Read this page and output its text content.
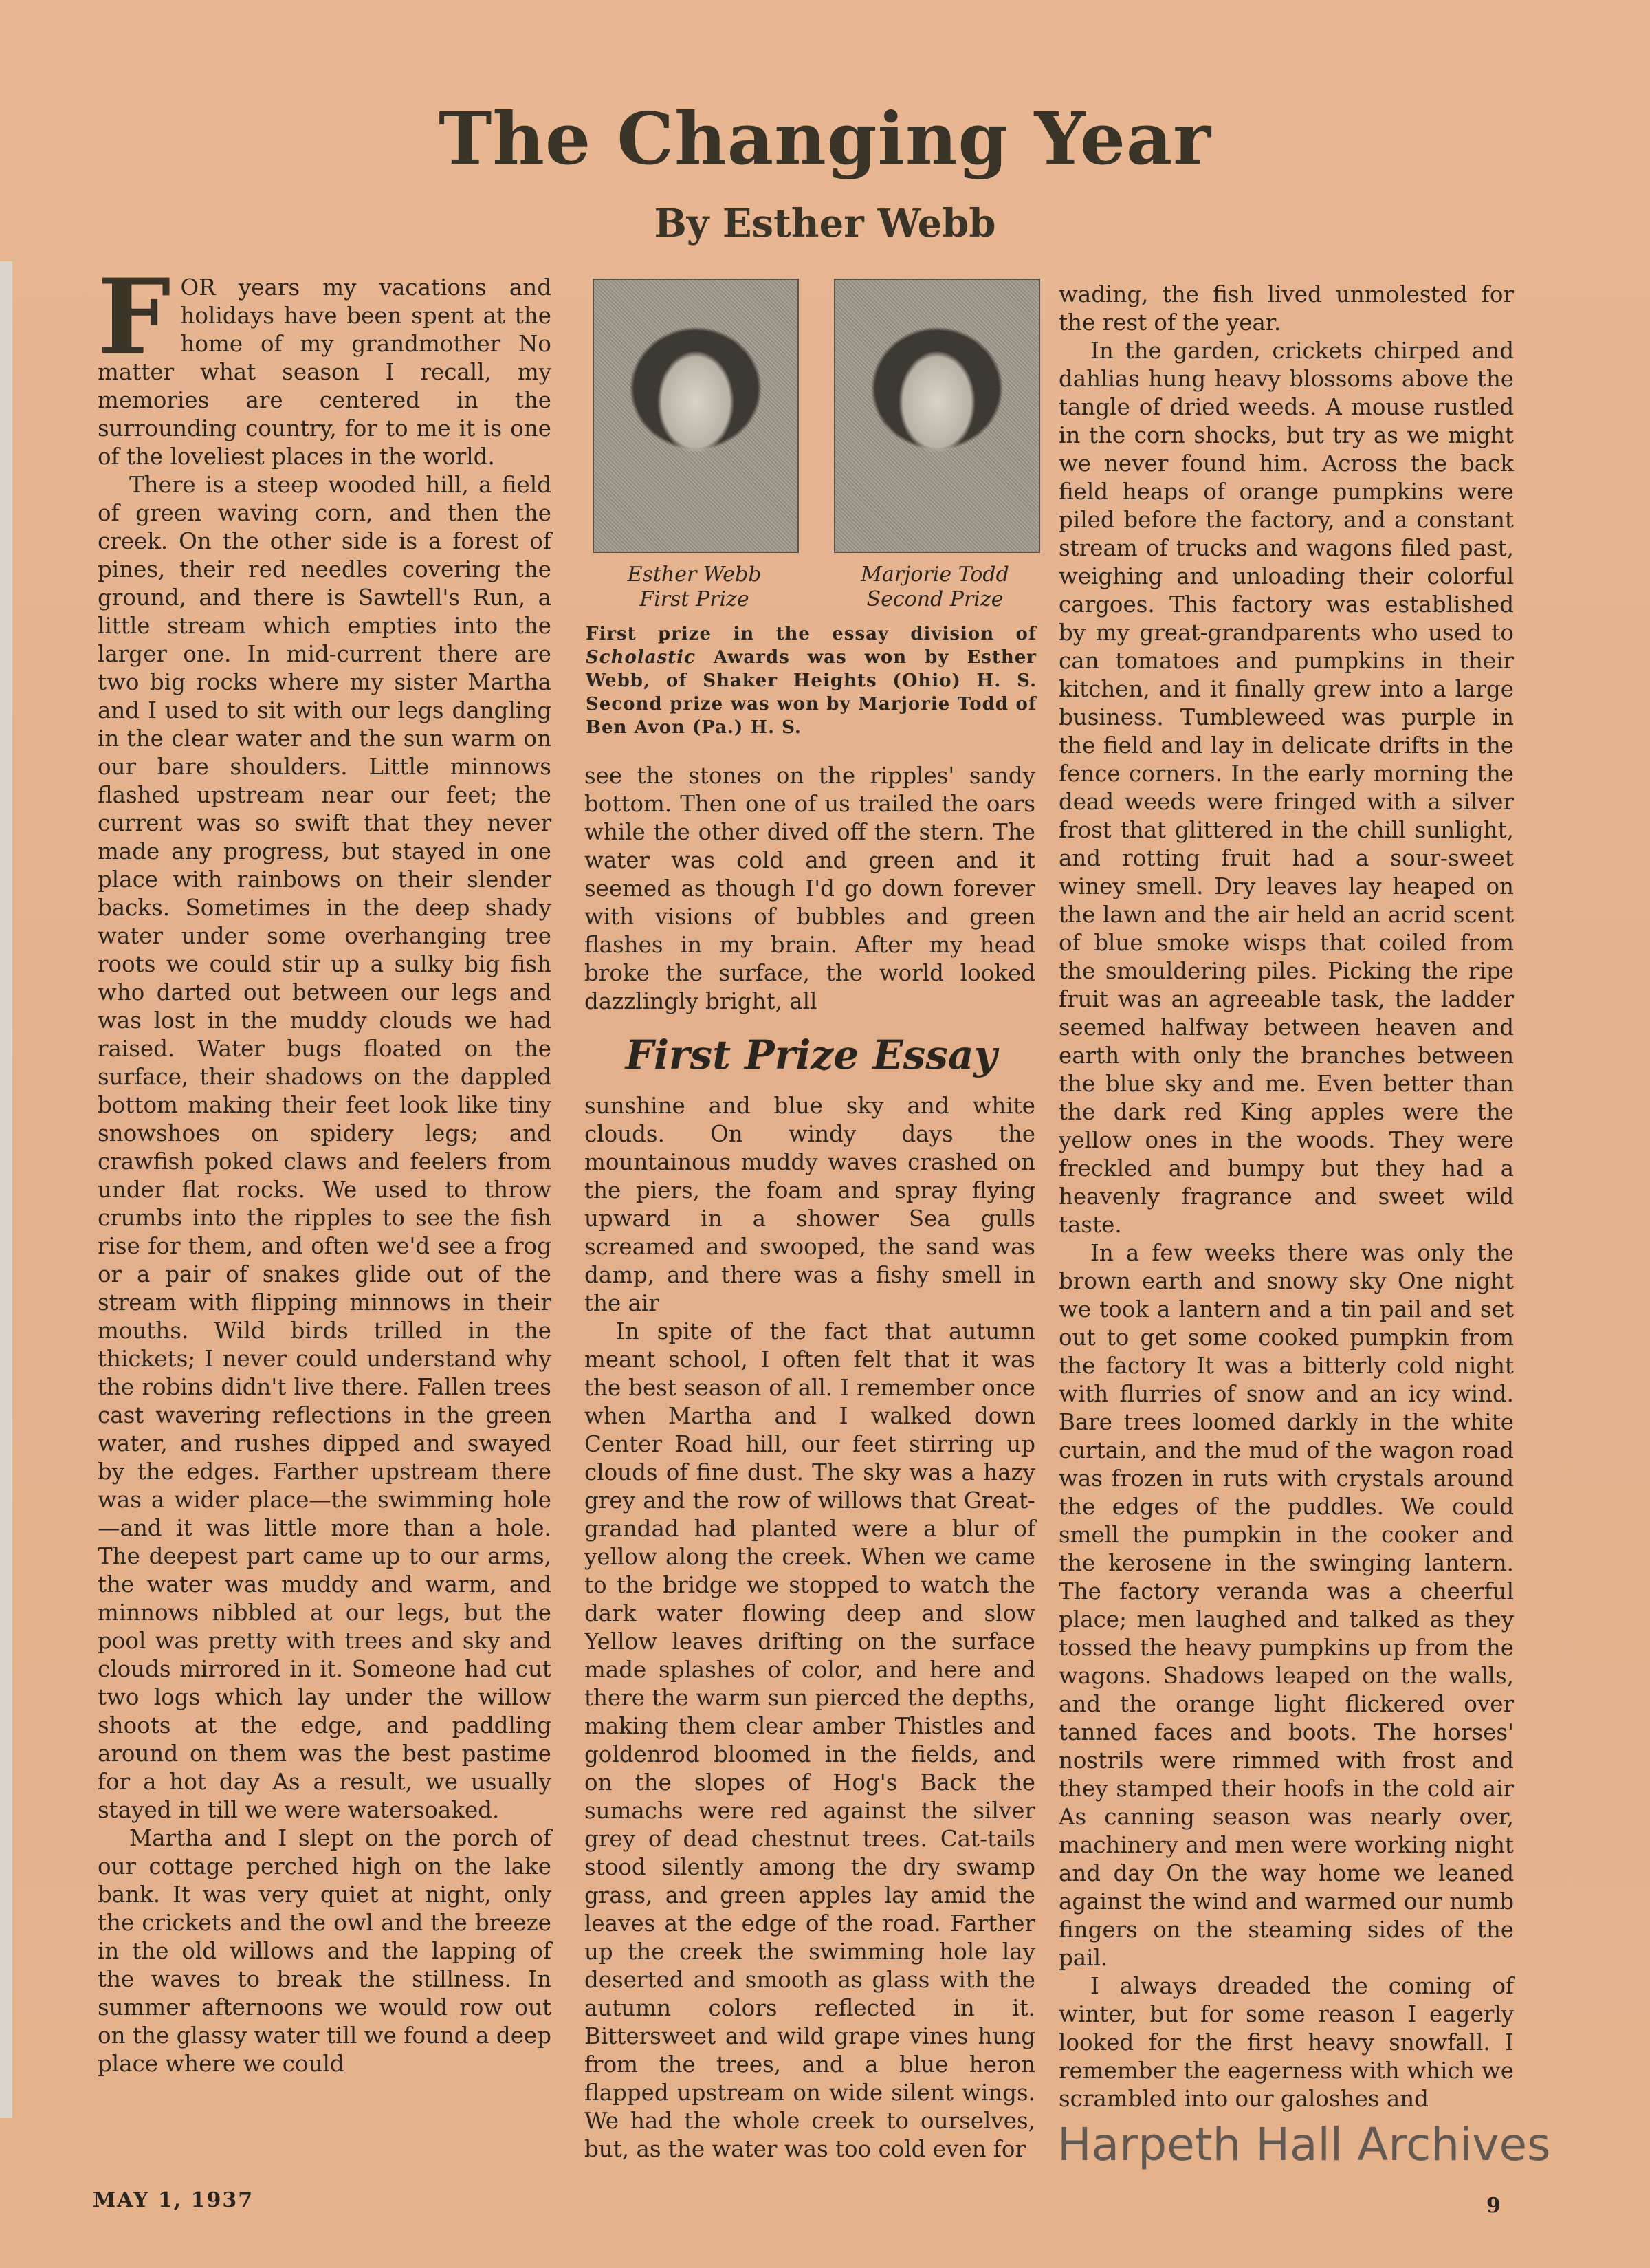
The Changing Year
By Esther Webb

FOR years my vacations and holidays have been spent at the home of my grandmother No matter what season I recall, my memories are centered in the surrounding country, for to me it is one of the loveliest places in the world.

There is a steep wooded hill, a field of green waving corn, and then the creek. On the other side is a forest of pines, their red needles covering the ground, and there is Sawtell's Run, a little stream which empties into the larger one. In mid-current there are two big rocks where my sister Martha and I used to sit with our legs dangling in the clear water and the sun warm on our bare shoulders. Little minnows flashed upstream near our feet; the current was so swift that they never made any progress, but stayed in one place with rainbows on their slender backs. Sometimes in the deep shady water under some overhanging tree roots we could stir up a sulky big fish who darted out between our legs and was lost in the muddy clouds we had raised. Water bugs floated on the surface, their shadows on the dappled bottom making their feet look like tiny snowshoes on spidery legs; and crawfish poked claws and feelers from under flat rocks. We used to throw crumbs into the ripples to see the fish rise for them, and often we'd see a frog or a pair of snakes glide out of the stream with flipping minnows in their mouths. Wild birds trilled in the thickets; I never could understand why the robins didn't live there. Fallen trees cast wavering reflections in the green water, and rushes dipped and swayed by the edges. Farther upstream there was a wider place—the swimming hole—and it was little more than a hole. The deepest part came up to our arms, the water was muddy and warm, and minnows nibbled at our legs, but the pool was pretty with trees and sky and clouds mirrored in it. Someone had cut two logs which lay under the willow shoots at the edge, and paddling around on them was the best pastime for a hot day As a result, we usually stayed in till we were watersoaked.

Martha and I slept on the porch of our cottage perched high on the lake bank. It was very quiet at night, only the crickets and the owl and the breeze in the old willows and the lapping of the waves to break the stillness. In summer afternoons we would row out on the glassy water till we found a deep place where we could

Esther Webb
First Prize
Marjorie Todd
Second Prize
First prize in the essay division of Scholastic Awards was won by Esther Webb, of Shaker Heights (Ohio) H. S. Second prize was won by Marjorie Todd of Ben Avon (Pa.) H. S.

see the stones on the ripples' sandy bottom. Then one of us trailed the oars while the other dived off the stern. The water was cold and green and it seemed as though I'd go down forever with visions of bubbles and green flashes in my brain. After my head broke the surface, the world looked dazzlingly bright, all

First Prize Essay

sunshine and blue sky and white clouds. On windy days the mountainous muddy waves crashed on the piers, the foam and spray flying upward in a shower Sea gulls screamed and swooped, the sand was damp, and there was a fishy smell in the air

In spite of the fact that autumn meant school, I often felt that it was the best season of all. I remember once when Martha and I walked down Center Road hill, our feet stirring up clouds of fine dust. The sky was a hazy grey and the row of willows that Great-grandad had planted were a blur of yellow along the creek. When we came to the bridge we stopped to watch the dark water flowing deep and slow Yellow leaves drifting on the surface made splashes of color, and here and there the warm sun pierced the depths, making them clear amber Thistles and goldenrod bloomed in the fields, and on the slopes of Hog's Back the sumachs were red against the silver grey of dead chestnut trees. Cat-tails stood silently among the dry swamp grass, and green apples lay amid the leaves at the edge of the road. Farther up the creek the swimming hole lay deserted and smooth as glass with the autumn colors reflected in it. Bittersweet and wild grape vines hung from the trees, and a blue heron flapped upstream on wide silent wings. We had the whole creek to ourselves, but, as the water was too cold even for

wading, the fish lived unmolested for the rest of the year.

In the garden, crickets chirped and dahlias hung heavy blossoms above the tangle of dried weeds. A mouse rustled in the corn shocks, but try as we might we never found him. Across the back field heaps of orange pumpkins were piled before the factory, and a constant stream of trucks and wagons filed past, weighing and unloading their colorful cargoes. This factory was established by my great-grandparents who used to can tomatoes and pumpkins in their kitchen, and it finally grew into a large business. Tumbleweed was purple in the field and lay in delicate drifts in the fence corners. In the early morning the dead weeds were fringed with a silver frost that glittered in the chill sunlight, and rotting fruit had a sour-sweet winey smell. Dry leaves lay heaped on the lawn and the air held an acrid scent of blue smoke wisps that coiled from the smouldering piles. Picking the ripe fruit was an agreeable task, the ladder seemed halfway between heaven and earth with only the branches between the blue sky and me. Even better than the dark red King apples were the yellow ones in the woods. They were freckled and bumpy but they had a heavenly fragrance and sweet wild taste.

In a few weeks there was only the brown earth and snowy sky One night we took a lantern and a tin pail and set out to get some cooked pumpkin from the factory It was a bitterly cold night with flurries of snow and an icy wind. Bare trees loomed darkly in the white curtain, and the mud of the wagon road was frozen in ruts with crystals around the edges of the puddles. We could smell the pumpkin in the cooker and the kerosene in the swinging lantern. The factory veranda was a cheerful place; men laughed and talked as they tossed the heavy pumpkins up from the wagons. Shadows leaped on the walls, and the orange light flickered over tanned faces and boots. The horses' nostrils were rimmed with frost and they stamped their hoofs in the cold air As canning season was nearly over, machinery and men were working night and day On the way home we leaned against the wind and warmed our numb fingers on the steaming sides of the pail.

I always dreaded the coming of winter, but for some reason I eagerly looked for the first heavy snowfall. I remember the eagerness with which we scrambled into our galoshes and

MAY 1, 1937	9
Harpeth Hall Archives
